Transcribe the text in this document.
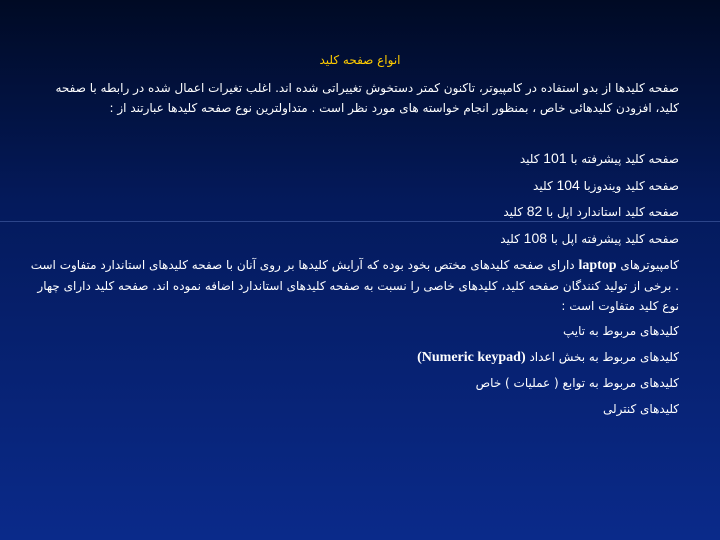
انواع صفحه کلید

صفحه کلیدها از بدو استفاده در کامپیوتر، تاکنون کمتر دستخوش تغییراتی شده اند. اغلب تغیرات اعمال شده در رابطه با صفحه کلید، افزودن کلیدهائی خاص ، بمنظور انجام خواسته های مورد نظر است . متداولترین نوع صفحه کلیدها عبارتند از :

صفحه کلید پیشرفته با 101 کلید
صفحه کلید ویندوزبا 104 کلید
صفحه کلید استاندارد اپل با 82 کلید
صفحه کلید پیشرفته اپل با 108 کلید

کامپیوترهای laptop دارای صفحه کلیدهای مختص بخود بوده که آرایش کلیدها بر روی آنان با صفحه کلیدهای استاندارد متفاوت است . برخی از تولید کنندگان صفحه کلید، کلیدهای خاصی را نسبت به صفحه کلیدهای استاندارد اضافه نموده اند. صفحه کلید دارای چهار نوع کلید متفاوت است :

کلیدهای مربوط به تایپ
کلیدهای مربوط به بخش اعداد (Numeric keypad)
کلیدهای مربوط به توابع ( عملیات ) خاص
کلیدهای کنترلی
